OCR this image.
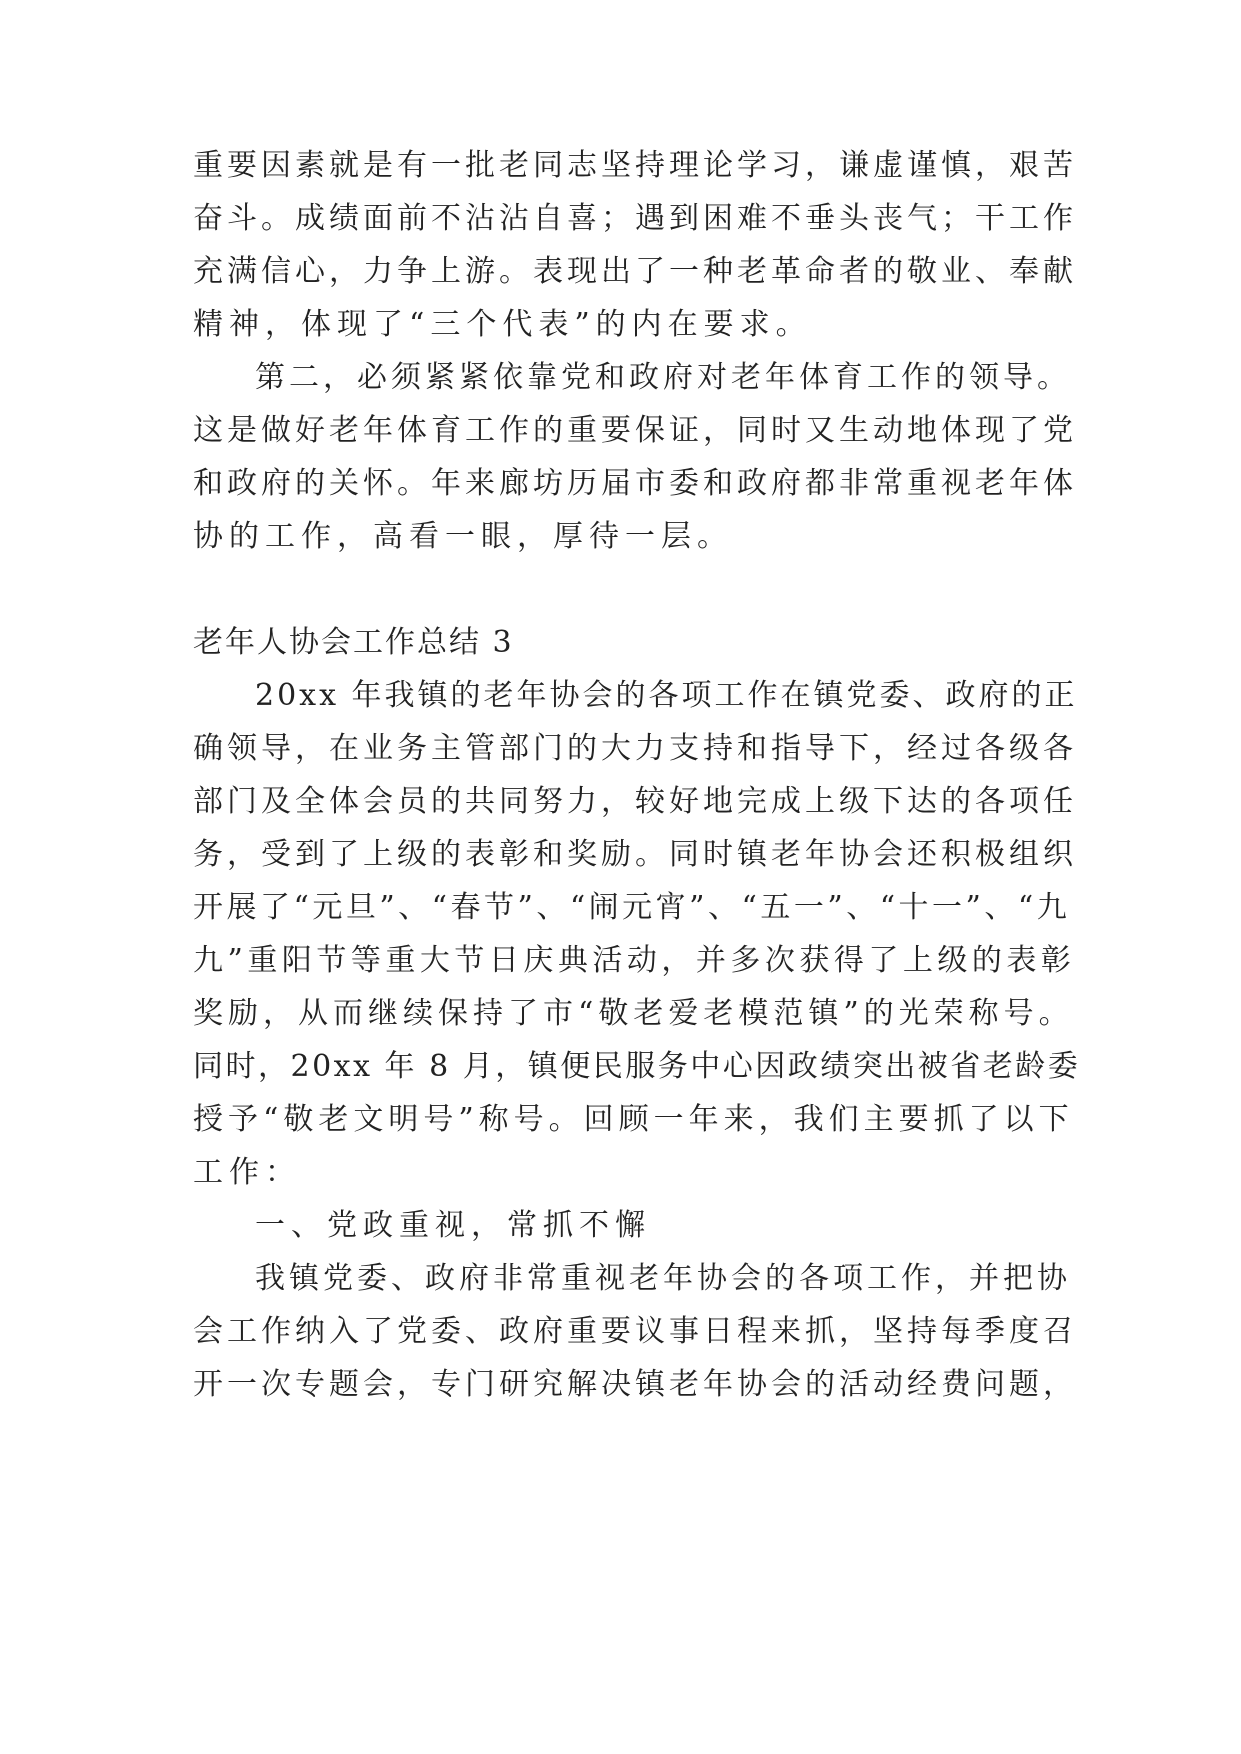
重要因素就是有一批老同志坚持理论学习，谦虚谨慎，艰苦
奋斗。成绩面前不沾沾自喜；遇到困难不垂头丧气；干工作
充满信心，力争上游。表现出了一种老革命者的敬业、奉献
精神，体现了“三个代表”的内在要求。
第二，必须紧紧依靠党和政府对老年体育工作的领导。
这是做好老年体育工作的重要保证，同时又生动地体现了党
和政府的关怀。年来廊坊历届市委和政府都非常重视老年体
协的工作，高看一眼，厚待一层。
老年人协会工作总结 3
20xx 年我镇的老年协会的各项工作在镇党委、政府的正
确领导，在业务主管部门的大力支持和指导下，经过各级各
部门及全体会员的共同努力，较好地完成上级下达的各项任
务，受到了上级的表彰和奖励。同时镇老年协会还积极组织
开展了“元旦”、“春节”、“闹元宵”、“五一”、“十一”、“九
九”重阳节等重大节日庆典活动，并多次获得了上级的表彰
奖励，从而继续保持了市“敬老爱老模范镇”的光荣称号。
同时，20xx 年 8 月，镇便民服务中心因政绩突出被省老龄委
授予“敬老文明号”称号。回顾一年来，我们主要抓了以下
工作：
一、党政重视，常抓不懈
我镇党委、政府非常重视老年协会的各项工作，并把协
会工作纳入了党委、政府重要议事日程来抓，坚持每季度召
开一次专题会，专门研究解决镇老年协会的活动经费问题，
